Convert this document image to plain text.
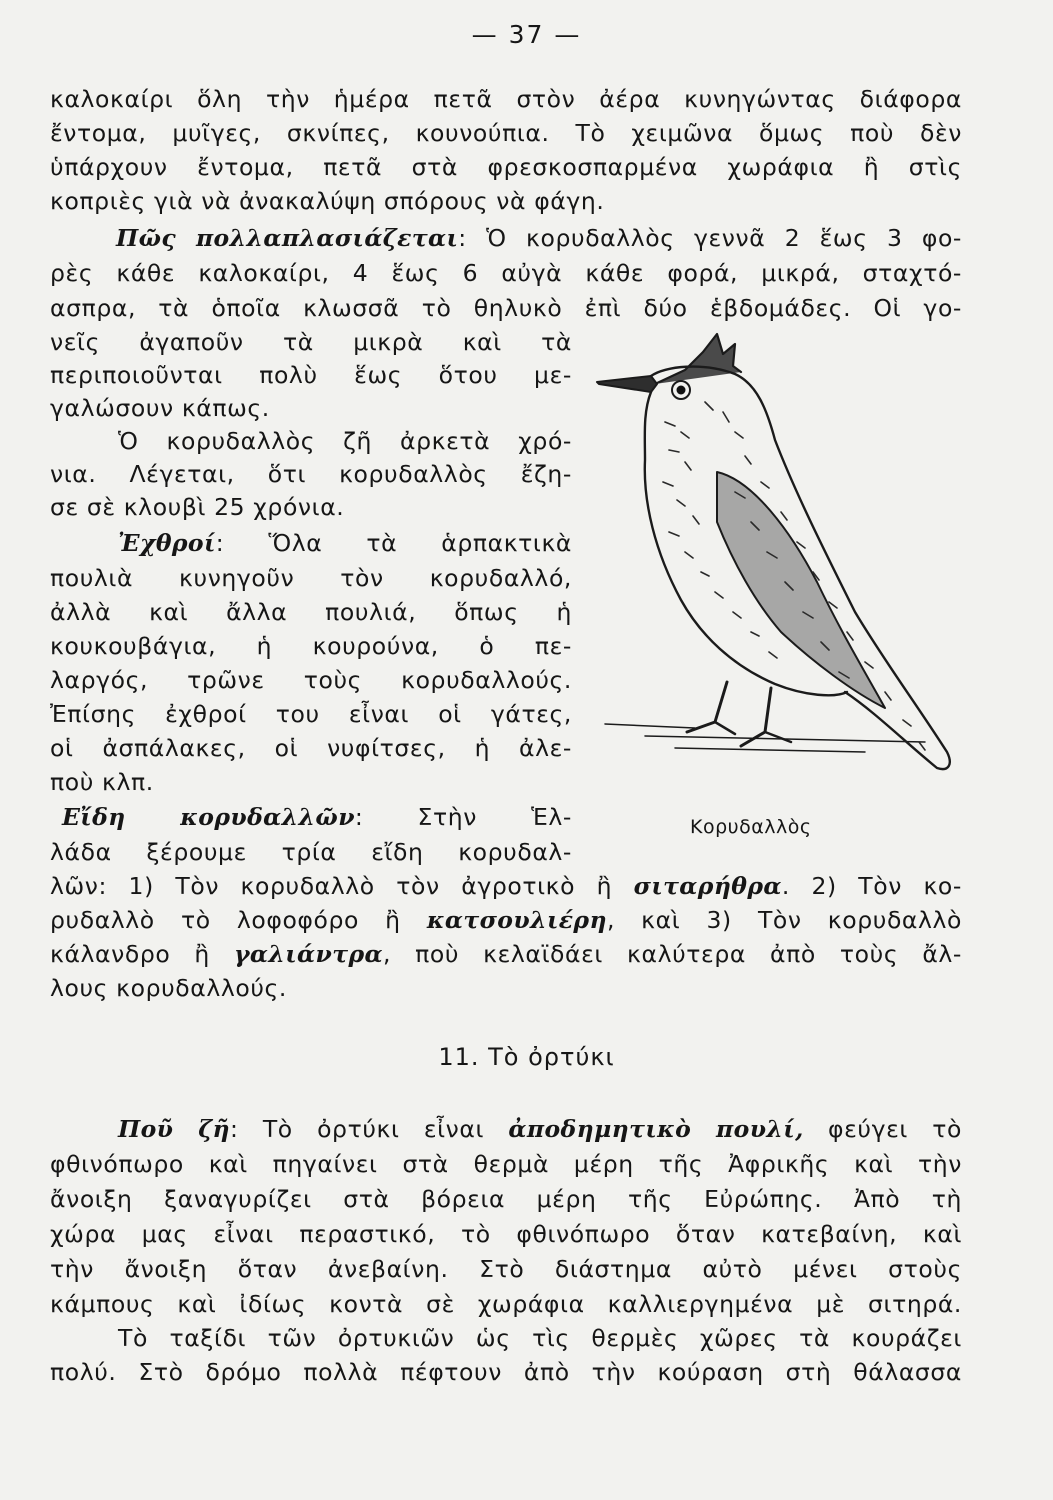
— 37 —
καλοκαίρι ὅλη τὴν ἡμέρα πετᾶ στὸν ἀέρα κυνηγώντας διάφορα
ἔντομα, μυῖγες, σκνίπες, κουνούπια. Τὸ χειμῶνα ὅμως ποὺ δὲν
ὑπάρχουν ἔντομα, πετᾶ στὰ φρεσκοσπαρμένα χωράφια ἢ στὶς
κοπριὲς γιὰ νὰ ἀνακαλύψη σπόρους νὰ φάγη.
Πῶς πολλαπλασιάζεται: Ὁ κορυδαλλὸς γεννᾶ 2 ἕως 3 φο-
ρὲς κάθε καλοκαίρι, 4 ἕως 6 αὐγὰ κάθε φορά, μικρά, σταχτό-
ασπρα, τὰ ὁποῖα κλωσσᾶ τὸ θηλυκὸ ἐπὶ δύο ἑβδομάδες. Οἱ γο-
νεῖς ἀγαποῦν τὰ μικρὰ καὶ τὰ
περιποιοῦνται πολὺ ἕως ὅτου με-
γαλώσουν κάπως.
Ὁ κορυδαλλὸς ζῆ ἀρκετὰ χρό-
νια. Λέγεται, ὅτι κορυδαλλὸς ἔζη-
σε σὲ κλουβὶ 25 χρόνια.
Ἐχθροί: Ὅλα τὰ ἁρπακτικὰ
πουλιὰ κυνηγοῦν τὸν κορυδαλλό,
ἀλλὰ καὶ ἄλλα πουλιά, ὅπως ἡ
κουκουβάγια, ἡ κουρούνα, ὁ πε-
λαργός, τρῶνε τοὺς κορυδαλλούς.
Ἐπίσης ἐχθροί του εἶναι οἱ γάτες,
οἱ ἀσπάλακες, οἱ νυφίτσες, ἡ ἀλε-
ποὺ κλπ.
Εἴδη κορυδαλλῶν: Στὴν Ἑλ-
λάδα ξέρουμε τρία εἴδη κορυδαλ-
λῶν: 1) Τὸν κορυδαλλὸ τὸν ἀγροτικὸ ἢ σιταρήθρα. 2) Τὸν κο-
ρυδαλλὸ τὸ λοφοφόρο ἢ κατσουλιέρη, καὶ 3) Τὸν κορυδαλλὸ
κάλανδρο ἢ γαλιάντρα, ποὺ κελαϊδάει καλύτερα ἀπὸ τοὺς ἄλ-
λους κορυδαλλούς.
Κορυδαλλὸς
11. Τὸ ὀρτύκι
Ποῦ ζῆ: Τὸ ὀρτύκι εἶναι ἀποδημητικὸ πουλί, φεύγει τὸ
φθινόπωρο καὶ πηγαίνει στὰ θερμὰ μέρη τῆς Ἀφρικῆς καὶ τὴν
ἄνοιξη ξαναγυρίζει στὰ βόρεια μέρη τῆς Εὐρώπης. Ἀπὸ τὴ
χώρα μας εἶναι περαστικό, τὸ φθινόπωρο ὅταν κατεβαίνη, καὶ
τὴν ἄνοιξη ὅταν ἀνεβαίνη. Στὸ διάστημα αὐτὸ μένει στοὺς
κάμπους καὶ ἰδίως κοντὰ σὲ χωράφια καλλιεργημένα μὲ σιτηρά.
Τὸ ταξίδι τῶν ὀρτυκιῶν ὡς τὶς θερμὲς χῶρες τὰ κουράζει
πολύ. Στὸ δρόμο πολλὰ πέφτουν ἀπὸ τὴν κούραση στὴ θάλασσα
